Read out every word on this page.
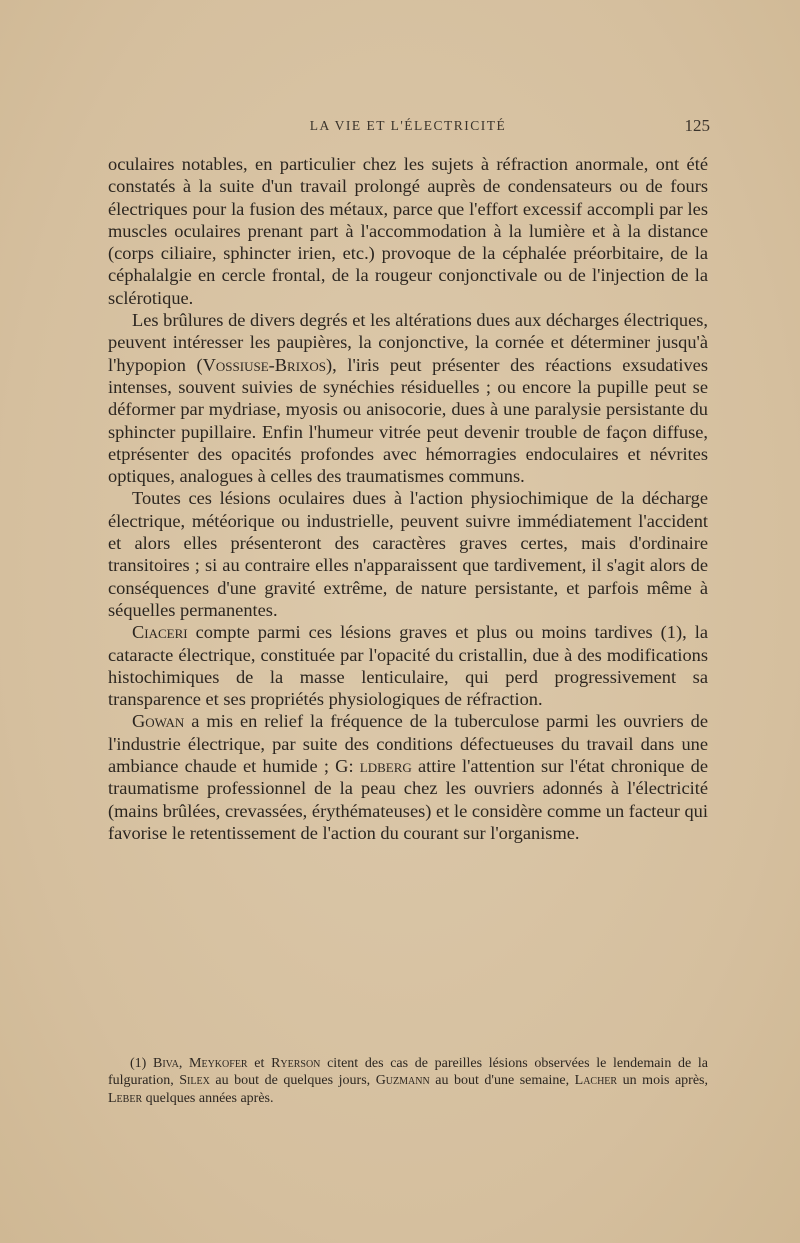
LA VIE ET L'ÉLECTRICITÉ	125

oculaires notables, en particulier chez les sujets à réfraction anormale, ont été constatés à la suite d'un travail prolongé auprès de condensateurs ou de fours électriques pour la fusion des métaux, parce que l'effort excessif accompli par les muscles oculaires prenant part à l'accommodation à la lumière et à la distance (corps ciliaire, sphincter irien, etc.) provoque de la céphalée préorbitaire, de la céphalalgie en cercle frontal, de la rougeur conjonctivale ou de l'injection de la sclérotique.

Les brûlures de divers degrés et les altérations dues aux décharges électriques, peuvent intéresser les paupières, la conjonctive, la cornée et déterminer jusqu'à l'hypopion (Vossiuse-Brixos), l'iris peut présenter des réactions exsudatives intenses, souvent suivies de synéchies résiduelles ; ou encore la pupille peut se déformer par mydriase, myosis ou anisocorie, dues à une paralysie persistante du sphincter pupillaire. Enfin l'humeur vitrée peut devenir trouble de façon diffuse, etprésenter des opacités profondes avec hémorragies endoculaires et névrites optiques, analogues à celles des traumatismes communs.

Toutes ces lésions oculaires dues à l'action physiochimique de la décharge électrique, météorique ou industrielle, peuvent suivre immédiatement l'accident et alors elles présenteront des caractères graves certes, mais d'ordinaire transitoires ; si au contraire elles n'apparaissent que tardivement, il s'agit alors de conséquences d'une gravité extrême, de nature persistante, et parfois même à séquelles permanentes.

Ciaceri compte parmi ces lésions graves et plus ou moins tardives (1), la cataracte électrique, constituée par l'opacité du cristallin, due à des modifications histochimiques de la masse lenticulaire, qui perd progressivement sa transparence et ses propriétés physiologiques de réfraction.

Gowan a mis en relief la fréquence de la tuberculose parmi les ouvriers de l'industrie électrique, par suite des conditions défectueuses du travail dans une ambiance chaude et humide ; G: ldberg attire l'attention sur l'état chronique de traumatisme professionnel de la peau chez les ouvriers adonnés à l'électricité (mains brûlées, crevassées, érythémateuses) et le considère comme un facteur qui favorise le retentissement de l'action du courant sur l'organisme.

(1) Biva, Meykofer et Ryerson citent des cas de pareilles lésions observées le lendemain de la fulguration, Silex au bout de quelques jours, Guzmann au bout d'une semaine, Lacher un mois après, Leber quelques années après.
